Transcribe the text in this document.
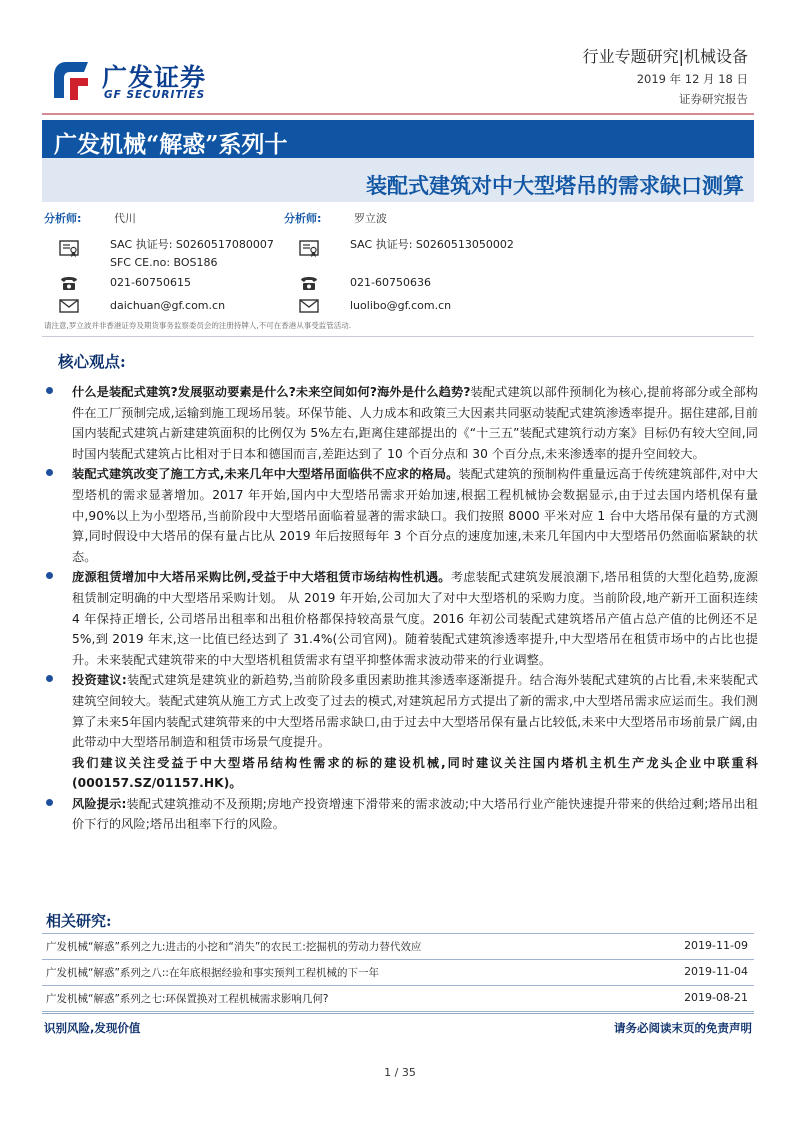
广发证券
GF SECURITIES
行业专题研究|机械设备
2019 年 12 月 18 日
证券研究报告
广发机械“解惑”系列十
装配式建筑对中大型塔吊的需求缺口测算
分析师:	代川
SAC 执证号: S0260517080007
SFC CE.no: BOS186
021-60750615
daichuan@gf.com.cn
分析师:	罗立波
SAC 执证号: S0260513050002
021-60750636
luolibo@gf.com.cn
请注意,罗立波并非香港证券及期货事务监察委员会的注册持牌人,不可在香港从事受监管活动.
核心观点:

什么是装配式建筑?发展驱动要素是什么?未来空间如何?海外是什么趋势?装配式建筑以部件预制化为核心,提前将部分或全部构件在工厂预制完成,运输到施工现场吊装。环保节能、人力成本和政策三大因素共同驱动装配式建筑渗透率提升。据住建部,目前国内装配式建筑占新建建筑面积的比例仅为 5%左右,距离住建部提出的《“十三五”装配式建筑行动方案》目标仍有较大空间,同时国内装配式建筑占比相对于日本和德国而言,差距达到了 10 个百分点和 30 个百分点,未来渗透率的提升空间较大。

装配式建筑改变了施工方式,未来几年中大型塔吊面临供不应求的格局。装配式建筑的预制构件重量远高于传统建筑部件,对中大型塔机的需求显著增加。2017 年开始,国内中大型塔吊需求开始加速,根据工程机械协会数据显示,由于过去国内塔机保有量中,90%以上为小型塔吊,当前阶段中大型塔吊面临着显著的需求缺口。我们按照 8000 平米对应 1 台中大塔吊保有量的方式测算,同时假设中大塔吊的保有量占比从 2019 年后按照每年 3 个百分点的速度加速,未来几年国内中大型塔吊仍然面临紧缺的状态。

庞源租赁增加中大塔吊采购比例,受益于中大塔租赁市场结构性机遇。考虑装配式建筑发展浪潮下,塔吊租赁的大型化趋势,庞源租赁制定明确的中大型塔吊采购计划。 从 2019 年开始,公司加大了对中大型塔机的采购力度。当前阶段,地产新开工面积连续 4 年保持正增长, 公司塔吊出租率和出租价格都保持较高景气度。2016 年初公司装配式建筑塔吊产值占总产值的比例还不足 5%,到 2019 年末,这一比值已经达到了 31.4%(公司官网)。随着装配式建筑渗透率提升,中大型塔吊在租赁市场中的占比也提升。未来装配式建筑带来的中大型塔机租赁需求有望平抑整体需求波动带来的行业调整。

投资建议:装配式建筑是建筑业的新趋势,当前阶段多重因素助推其渗透率逐渐提升。结合海外装配式建筑的占比看,未来装配式建筑空间较大。装配式建筑从施工方式上改变了过去的模式,对建筑起吊方式提出了新的需求,中大型塔吊需求应运而生。我们测算了未来5年国内装配式建筑带来的中大型塔吊需求缺口,由于过去中大型塔吊保有量占比较低,未来中大型塔吊市场前景广阔,由此带动中大型塔吊制造和租赁市场景气度提升。

我们建议关注受益于中大型塔吊结构性需求的标的建设机械,同时建议关注国内塔机主机生产龙头企业中联重科(000157.SZ/01157.HK)。

风险提示:装配式建筑推动不及预期;房地产投资增速下滑带来的需求波动;中大塔吊行业产能快速提升带来的供给过剩;塔吊出租价下行的风险;塔吊出租率下行的风险。

相关研究:
广发机械“解惑”系列之九:进击的小挖和“消失”的农民工:挖掘机的劳动力替代效应	2019-11-09
广发机械“解惑”系列之八::在年底根据经验和事实预判工程机械的下一年	2019-11-04
广发机械“解惑”系列之七:环保置换对工程机械需求影响几何?	2019-08-21
识别风险,发现价值	请务必阅读末页的免责声明
1 / 35
